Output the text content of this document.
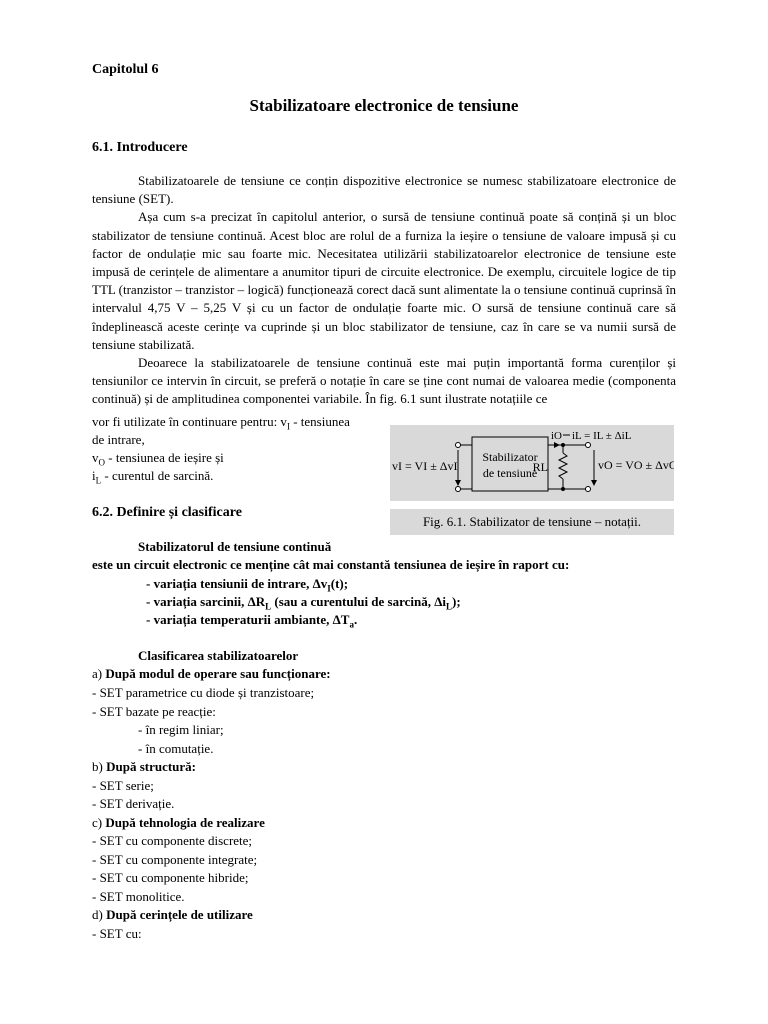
Capitolul 6
Stabilizatoare electronice de tensiune
6.1. Introducere

Stabilizatoarele de tensiune ce conțin dispozitive electronice se numesc stabilizatoare electronice de tensiune (SET).

Așa cum s-a precizat în capitolul anterior, o sursă de tensiune continuă poate să conțină și un bloc stabilizator de tensiune continuă. Acest bloc are rolul de a furniza la ieșire o tensiune de valoare impusă și cu factor de ondulație mic sau foarte mic. Necesitatea utilizării stabilizatoarelor electronice de tensiune este impusă de cerințele de alimentare a anumitor tipuri de circuite electronice. De exemplu, circuitele logice de tip TTL (tranzistor – tranzistor – logică) funcționează corect dacă sunt alimentate la o tensiune continuă cuprinsă în intervalul 4,75 V – 5,25 V și cu un factor de ondulație foarte mic. O sursă de tensiune continuă care să îndeplinească aceste cerințe va cuprinde și un bloc stabilizator de tensiune, caz în care se va numii sursă de tensiune stabilizată.

Deoarece la stabilizatoarele de tensiune continuă este mai puțin importantă forma curenților și tensiunilor ce intervin în circuit, se preferă o notație în care se ține cont numai de valoarea medie (componenta continuă) și de amplitudinea componentei variabile. În fig. 6.1 sunt ilustrate notațiile ce

vor fi utilizate în continuare pentru: $v_I$ - tensiunea
de intrare,
$v_O$ - tensiunea de ieșire și
$i_L$ - curentul de sarcină.
Stabilizator
de tensiune
vI = VI ± ΔvI	RL
iO iL = IL ± ΔiL
vO = VO ± ΔvO
Fig. 6.1. Stabilizator de tensiune – notații.
6.2. Definire și clasificare
Stabilizatorul de tensiune continuă
este un circuit electronic ce menține cât mai constantă tensiunea de ieșire în raport cu:
- variația tensiunii de intrare, $\Delta v_I(t)$;
- variația sarcinii, $\Delta R_L$ (sau a curentului de sarcină, $\Delta i_L$);
- variația temperaturii ambiante, $\Delta T_a$.
Clasificarea stabilizatoarelor
a) După modul de operare sau funcționare:
- SET parametrice cu diode și tranzistoare;
- SET bazate pe reacție:
- în regim liniar;
- în comutație.
b) După structură:
- SET serie;
- SET derivație.
c) După tehnologia de realizare
- SET cu componente discrete;
- SET cu componente integrate;
- SET cu componente hibride;
- SET monolitice.
d) După cerințele de utilizare
- SET cu:
